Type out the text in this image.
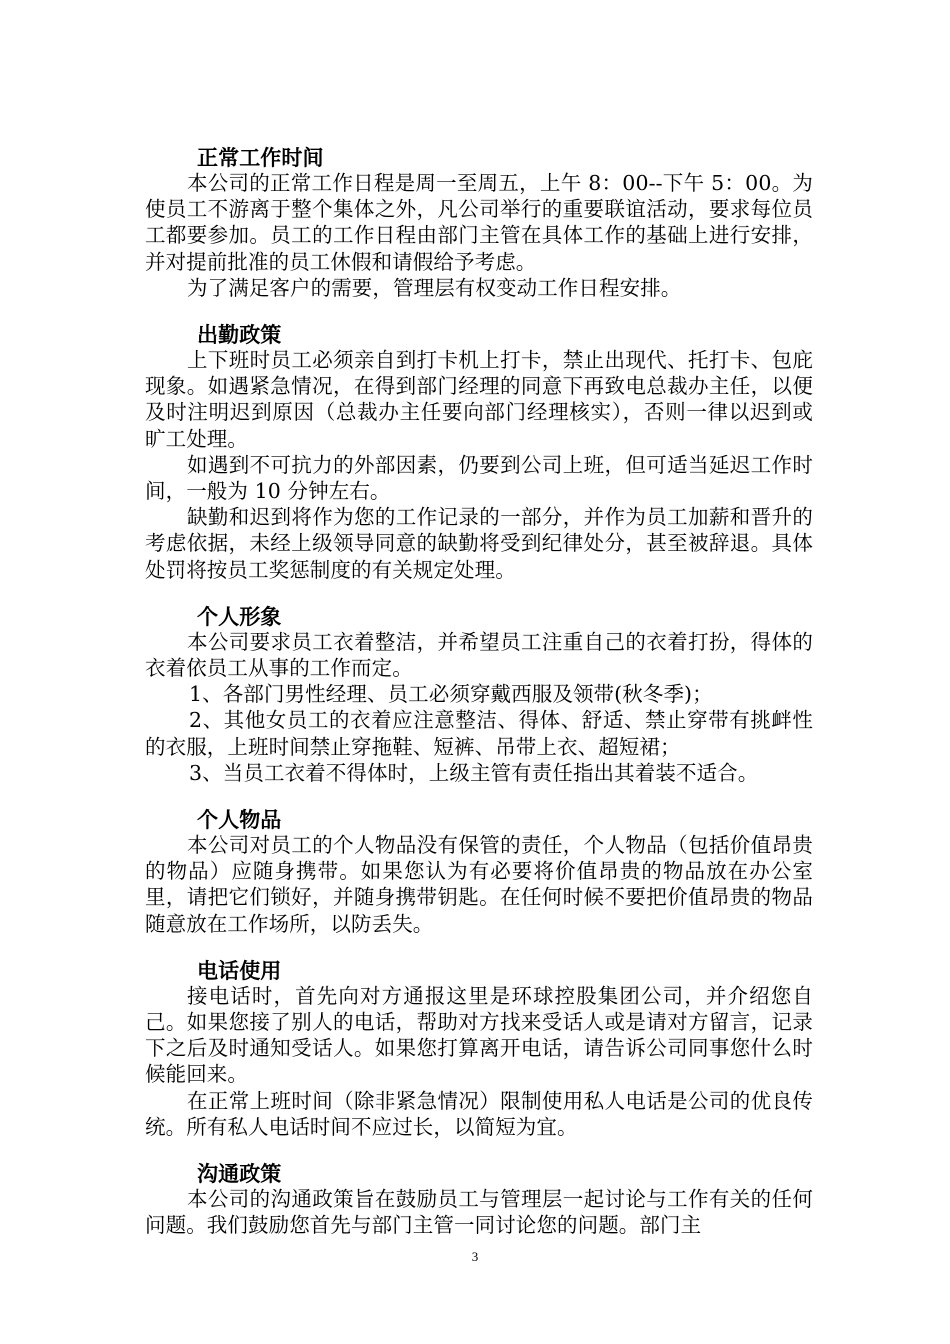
正常工作时间

本公司的正常工作日程是周一至周五，上午 8：00--下午 5：00。为使员工不游离于整个集体之外，凡公司举行的重要联谊活动，要求每位员工都要参加。员工的工作日程由部门主管在具体工作的基础上进行安排，并对提前批准的员工休假和请假给予考虑。

为了满足客户的需要，管理层有权变动工作日程安排。

出勤政策

上下班时员工必须亲自到打卡机上打卡，禁止出现代、托打卡、包庇现象。如遇紧急情况，在得到部门经理的同意下再致电总裁办主任，以便及时注明迟到原因（总裁办主任要向部门经理核实），否则一律以迟到或旷工处理。

如遇到不可抗力的外部因素，仍要到公司上班，但可适当延迟工作时间，一般为 10 分钟左右。

缺勤和迟到将作为您的工作记录的一部分，并作为员工加薪和晋升的考虑依据，未经上级领导同意的缺勤将受到纪律处分，甚至被辞退。具体处罚将按员工奖惩制度的有关规定处理。

个人形象

本公司要求员工衣着整洁，并希望员工注重自己的衣着打扮，得体的衣着依员工从事的工作而定。

1、各部门男性经理、员工必须穿戴西服及领带(秋冬季)；

2、其他女员工的衣着应注意整洁、得体、舒适、禁止穿带有挑衅性的衣服，上班时间禁止穿拖鞋、短裤、吊带上衣、超短裙；

3、当员工衣着不得体时，上级主管有责任指出其着装不适合。

个人物品

本公司对员工的个人物品没有保管的责任，个人物品（包括价值昂贵的物品）应随身携带。如果您认为有必要将价值昂贵的物品放在办公室里，请把它们锁好，并随身携带钥匙。在任何时候不要把价值昂贵的物品随意放在工作场所，以防丢失。

电话使用

接电话时，首先向对方通报这里是环球控股集团公司，并介绍您自己。如果您接了别人的电话，帮助对方找来受话人或是请对方留言，记录下之后及时通知受话人。如果您打算离开电话，请告诉公司同事您什么时候能回来。

在正常上班时间（除非紧急情况）限制使用私人电话是公司的优良传统。所有私人电话时间不应过长，以简短为宜。

沟通政策

本公司的沟通政策旨在鼓励员工与管理层一起讨论与工作有关的任何问题。我们鼓励您首先与部门主管一同讨论您的问题。部门主

3
